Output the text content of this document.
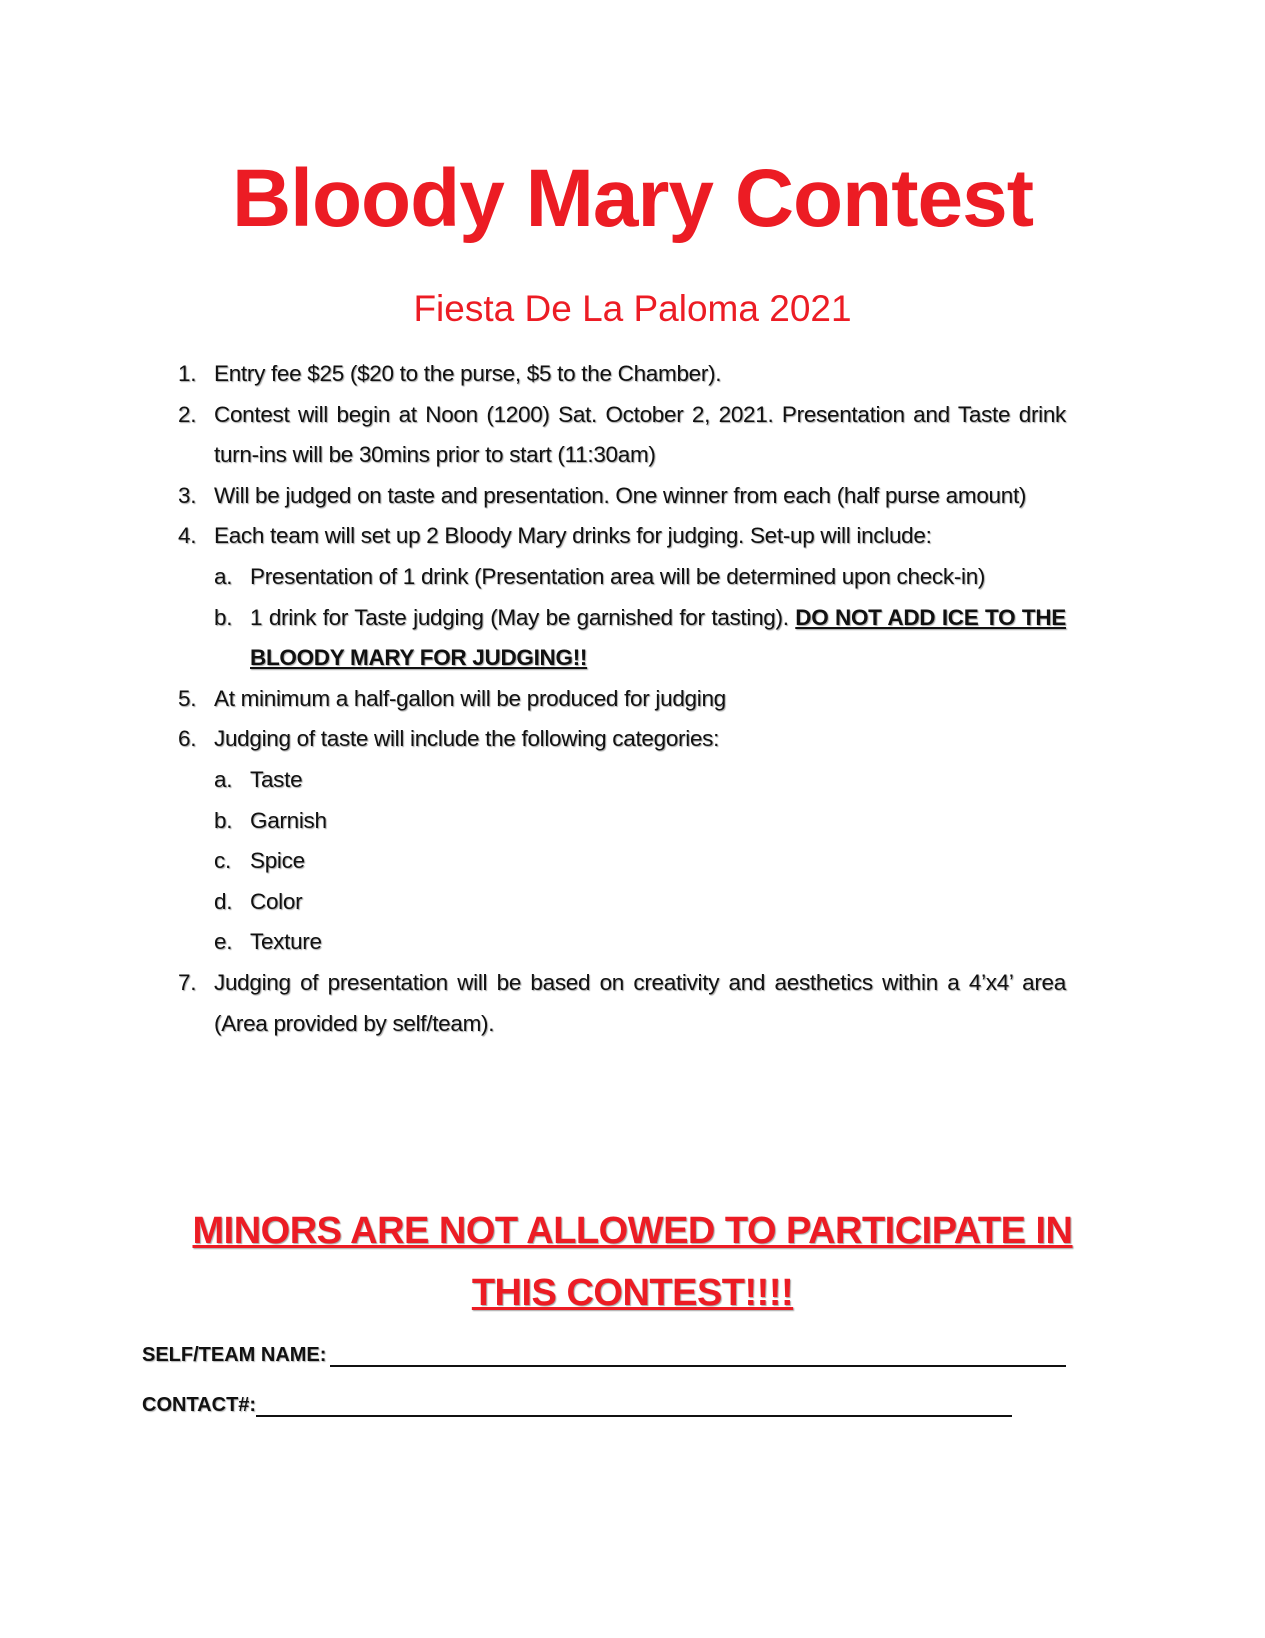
Bloody Mary Contest
Fiesta De La Paloma 2021
1. Entry fee $25 ($20 to the purse, $5 to the Chamber).
2. Contest will begin at Noon (1200) Sat. October 2, 2021. Presentation and Taste drink turn-ins will be 30mins prior to start (11:30am)
3. Will be judged on taste and presentation. One winner from each (half purse amount)
4. Each team will set up 2 Bloody Mary drinks for judging. Set-up will include:
a. Presentation of 1 drink (Presentation area will be determined upon check-in)
b. 1 drink for Taste judging (May be garnished for tasting). DO NOT ADD ICE TO THE BLOODY MARY FOR JUDGING!!
5. At minimum a half-gallon will be produced for judging
6. Judging of taste will include the following categories:
a. Taste
b. Garnish
c. Spice
d. Color
e. Texture
7. Judging of presentation will be based on creativity and aesthetics within a 4’x4’ area (Area provided by self/team).
MINORS ARE NOT ALLOWED TO PARTICIPATE IN
THIS CONTEST!!!!
SELF/TEAM NAME:
CONTACT#:
